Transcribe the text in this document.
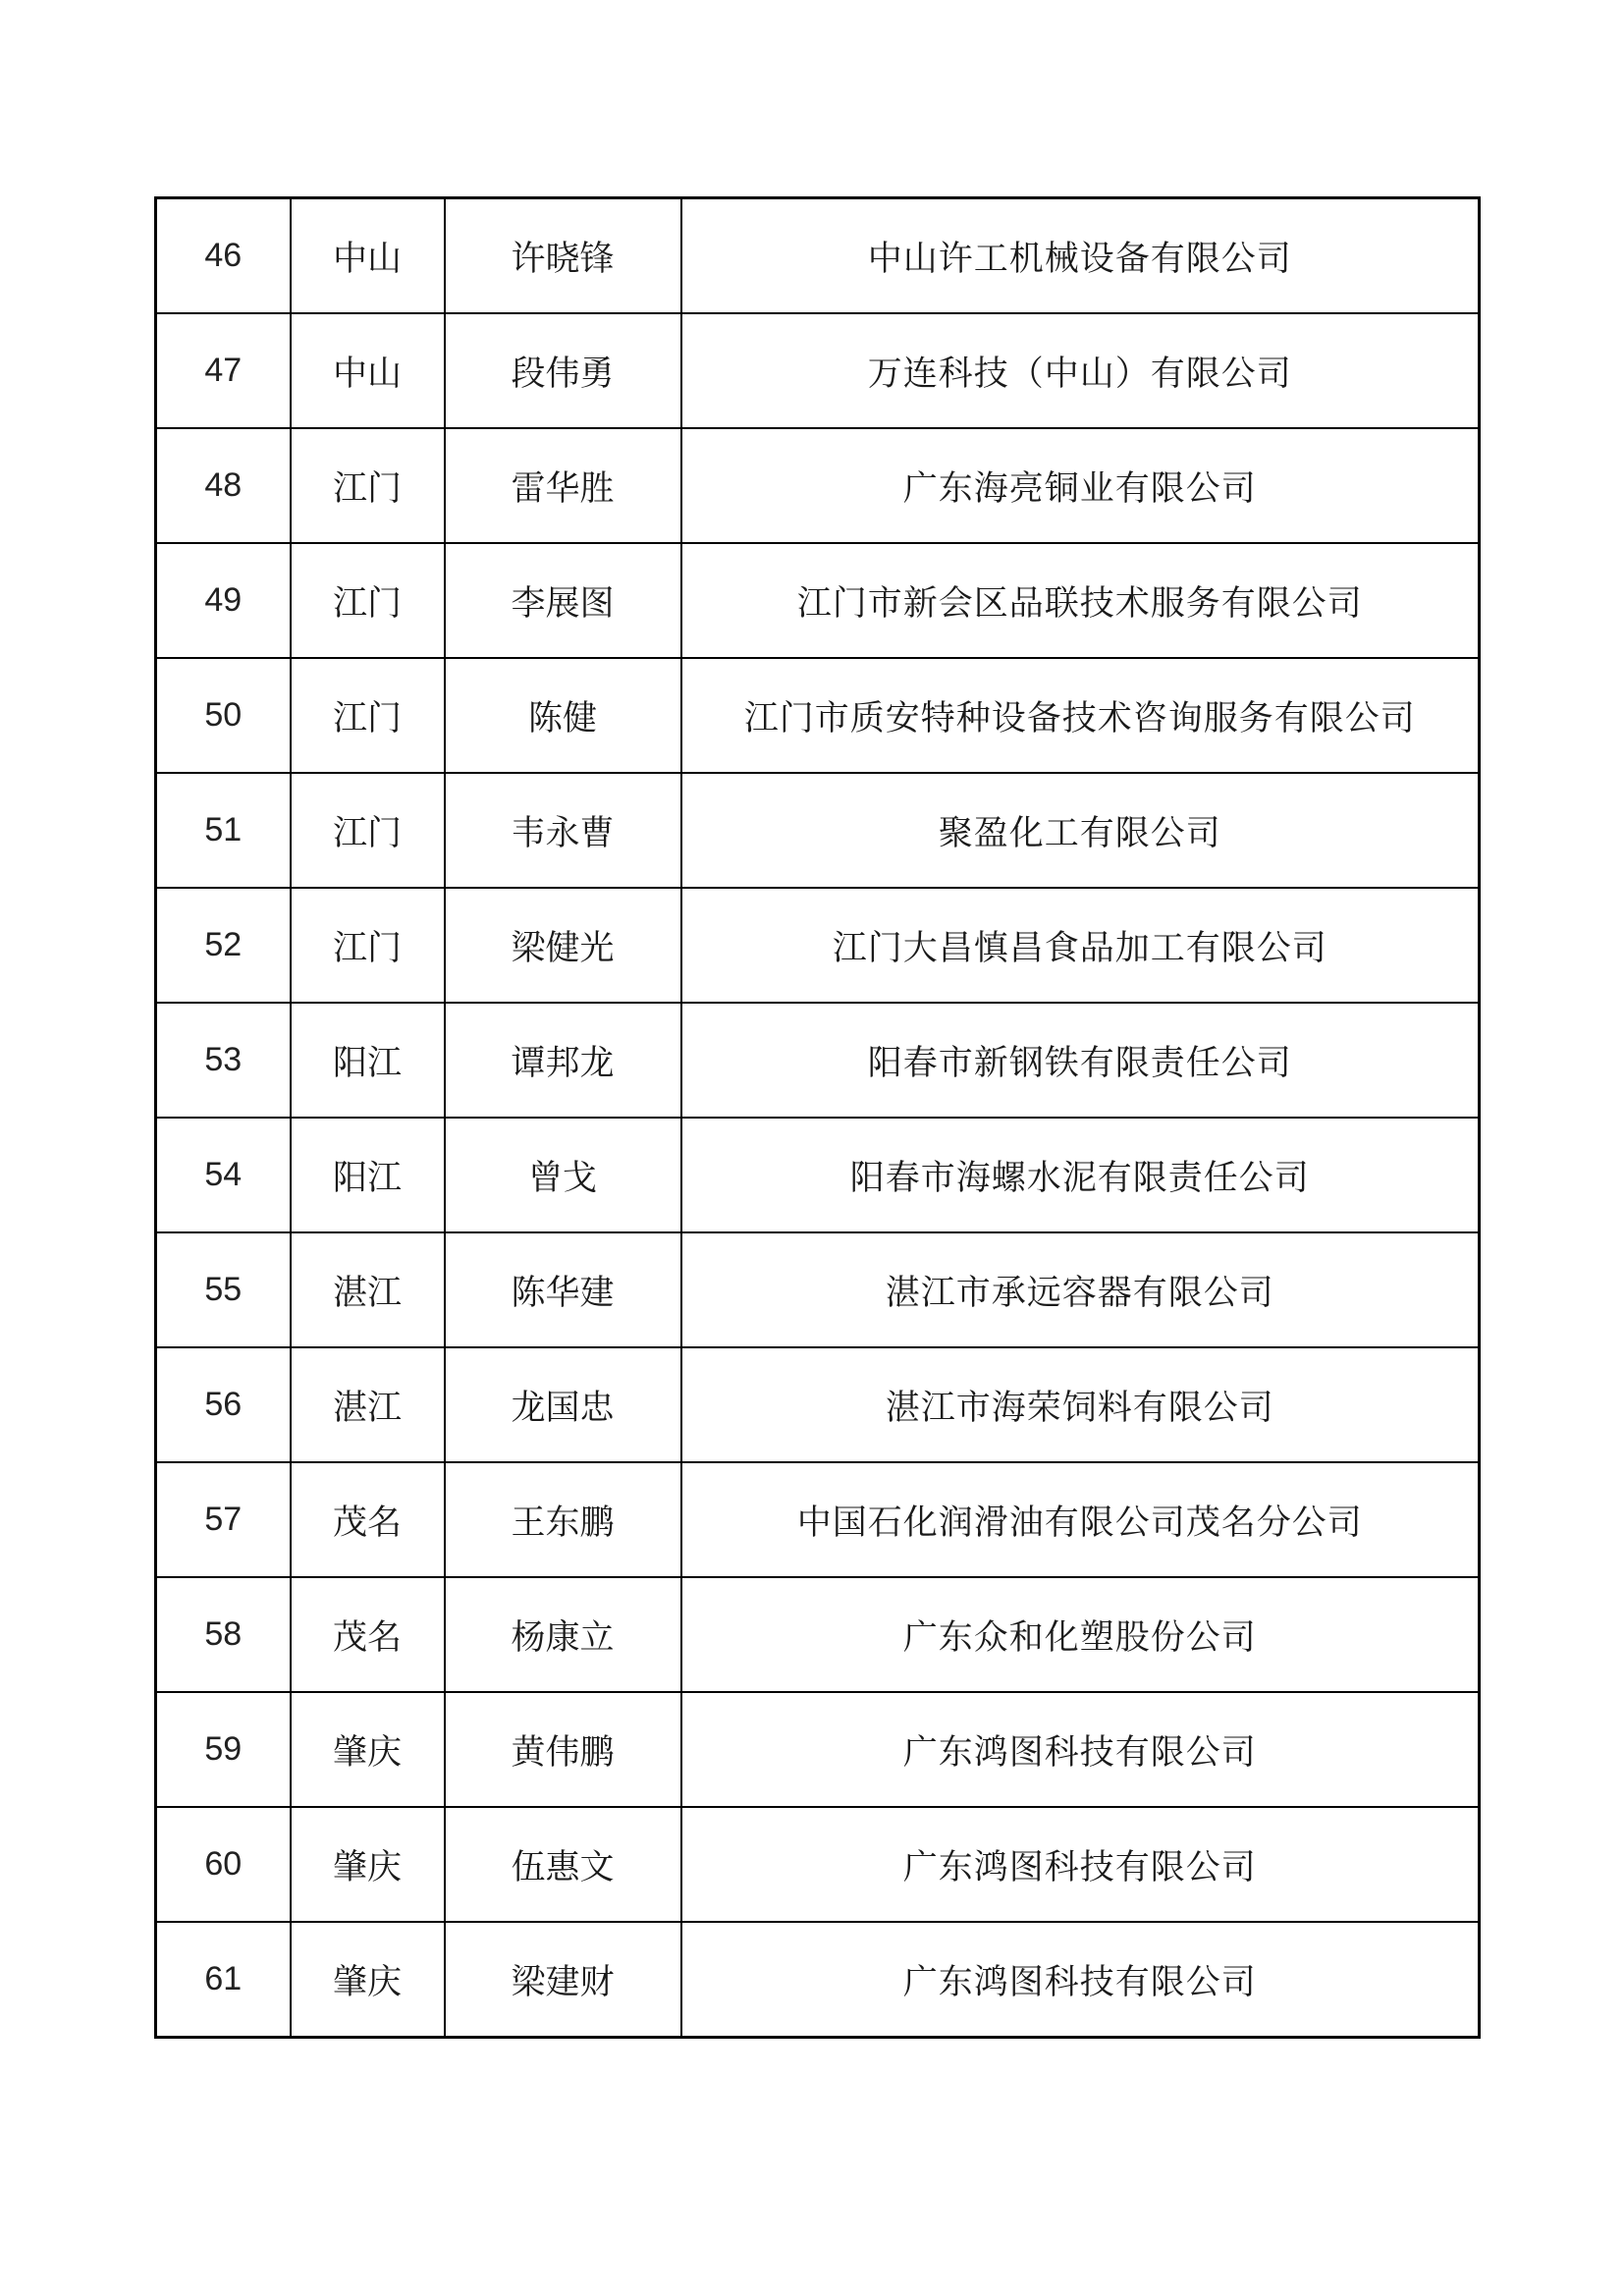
46	中山	许晓锋	中山许工机械设备有限公司
47	中山	段伟勇	万连科技（中山）有限公司
48	江门	雷华胜	广东海亮铜业有限公司
49	江门	李展图	江门市新会区品联技术服务有限公司
50	江门	陈健	江门市质安特种设备技术咨询服务有限公司
51	江门	韦永曹	聚盈化工有限公司
52	江门	梁健光	江门大昌慎昌食品加工有限公司
53	阳江	谭邦龙	阳春市新钢铁有限责任公司
54	阳江	曾戈	阳春市海螺水泥有限责任公司
55	湛江	陈华建	湛江市承远容器有限公司
56	湛江	龙国忠	湛江市海荣饲料有限公司
57	茂名	王东鹏	中国石化润滑油有限公司茂名分公司
58	茂名	杨康立	广东众和化塑股份公司
59	肇庆	黄伟鹏	广东鸿图科技有限公司
60	肇庆	伍惠文	广东鸿图科技有限公司
61	肇庆	梁建财	广东鸿图科技有限公司
